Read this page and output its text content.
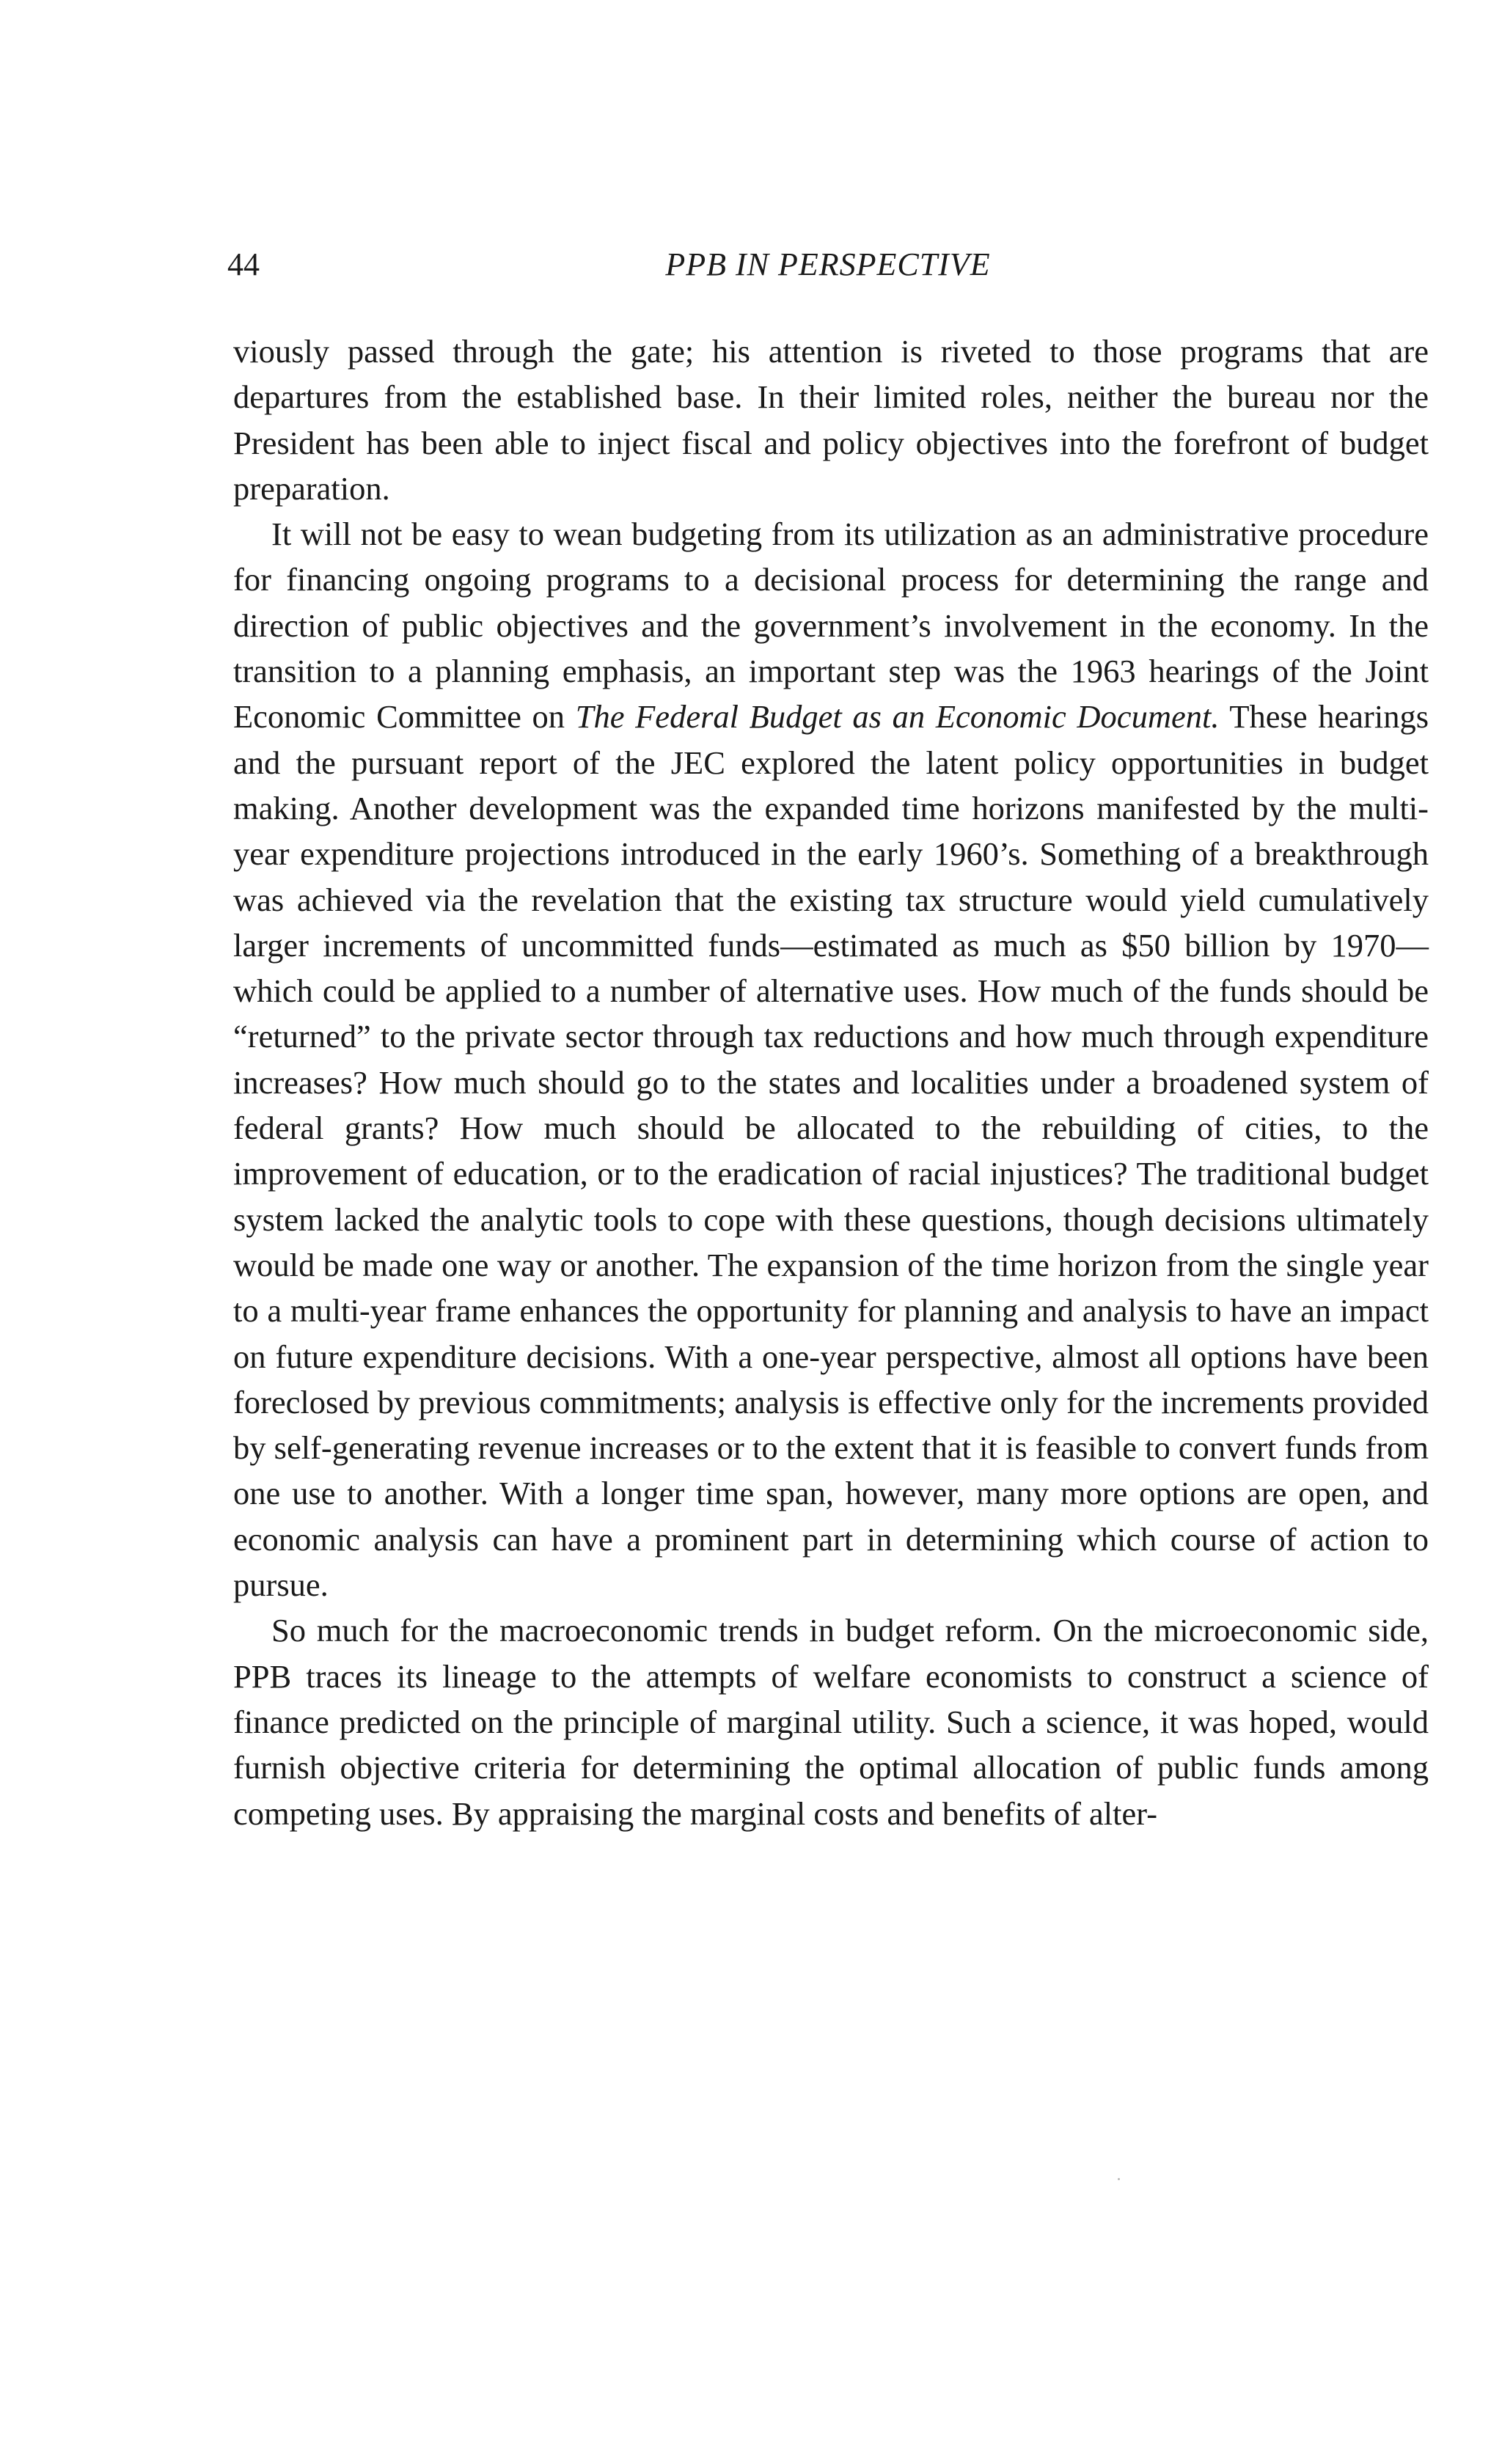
44	PPB IN PERSPECTIVE

viously passed through the gate; his attention is riveted to those programs that are departures from the established base. In their limited roles, neither the bureau nor the President has been able to inject fiscal and policy objectives into the forefront of budget preparation.

It will not be easy to wean budgeting from its utilization as an administrative procedure for financing ongoing programs to a decisional process for determining the range and direction of public objectives and the government’s involvement in the economy. In the transition to a planning emphasis, an important step was the 1963 hearings of the Joint Economic Committee on The Federal Budget as an Economic Document. These hearings and the pursuant report of the JEC explored the latent policy opportunities in budget making. Another development was the expanded time horizons manifested by the multi-year expenditure projections introduced in the early 1960’s. Something of a breakthrough was achieved via the revelation that the existing tax structure would yield cumulatively larger increments of uncommitted funds—estimated as much as $50 billion by 1970—which could be applied to a number of alternative uses. How much of the funds should be “returned” to the private sector through tax reductions and how much through expenditure increases? How much should go to the states and localities under a broadened system of federal grants? How much should be allocated to the rebuilding of cities, to the improvement of education, or to the eradication of racial injustices? The traditional budget system lacked the analytic tools to cope with these questions, though decisions ultimately would be made one way or another. The expansion of the time horizon from the single year to a multi-year frame enhances the opportunity for planning and analysis to have an impact on future expenditure decisions. With a one-year perspective, almost all options have been foreclosed by previous commitments; analysis is effective only for the increments provided by self-generating revenue increases or to the extent that it is feasible to convert funds from one use to another. With a longer time span, however, many more options are open, and economic analysis can have a prominent part in determining which course of action to pursue.

So much for the macroeconomic trends in budget reform. On the microeconomic side, PPB traces its lineage to the attempts of welfare economists to construct a science of finance predicted on the principle of marginal utility. Such a science, it was hoped, would furnish objective criteria for determining the optimal allocation of public funds among competing uses. By appraising the marginal costs and benefits of alter-
